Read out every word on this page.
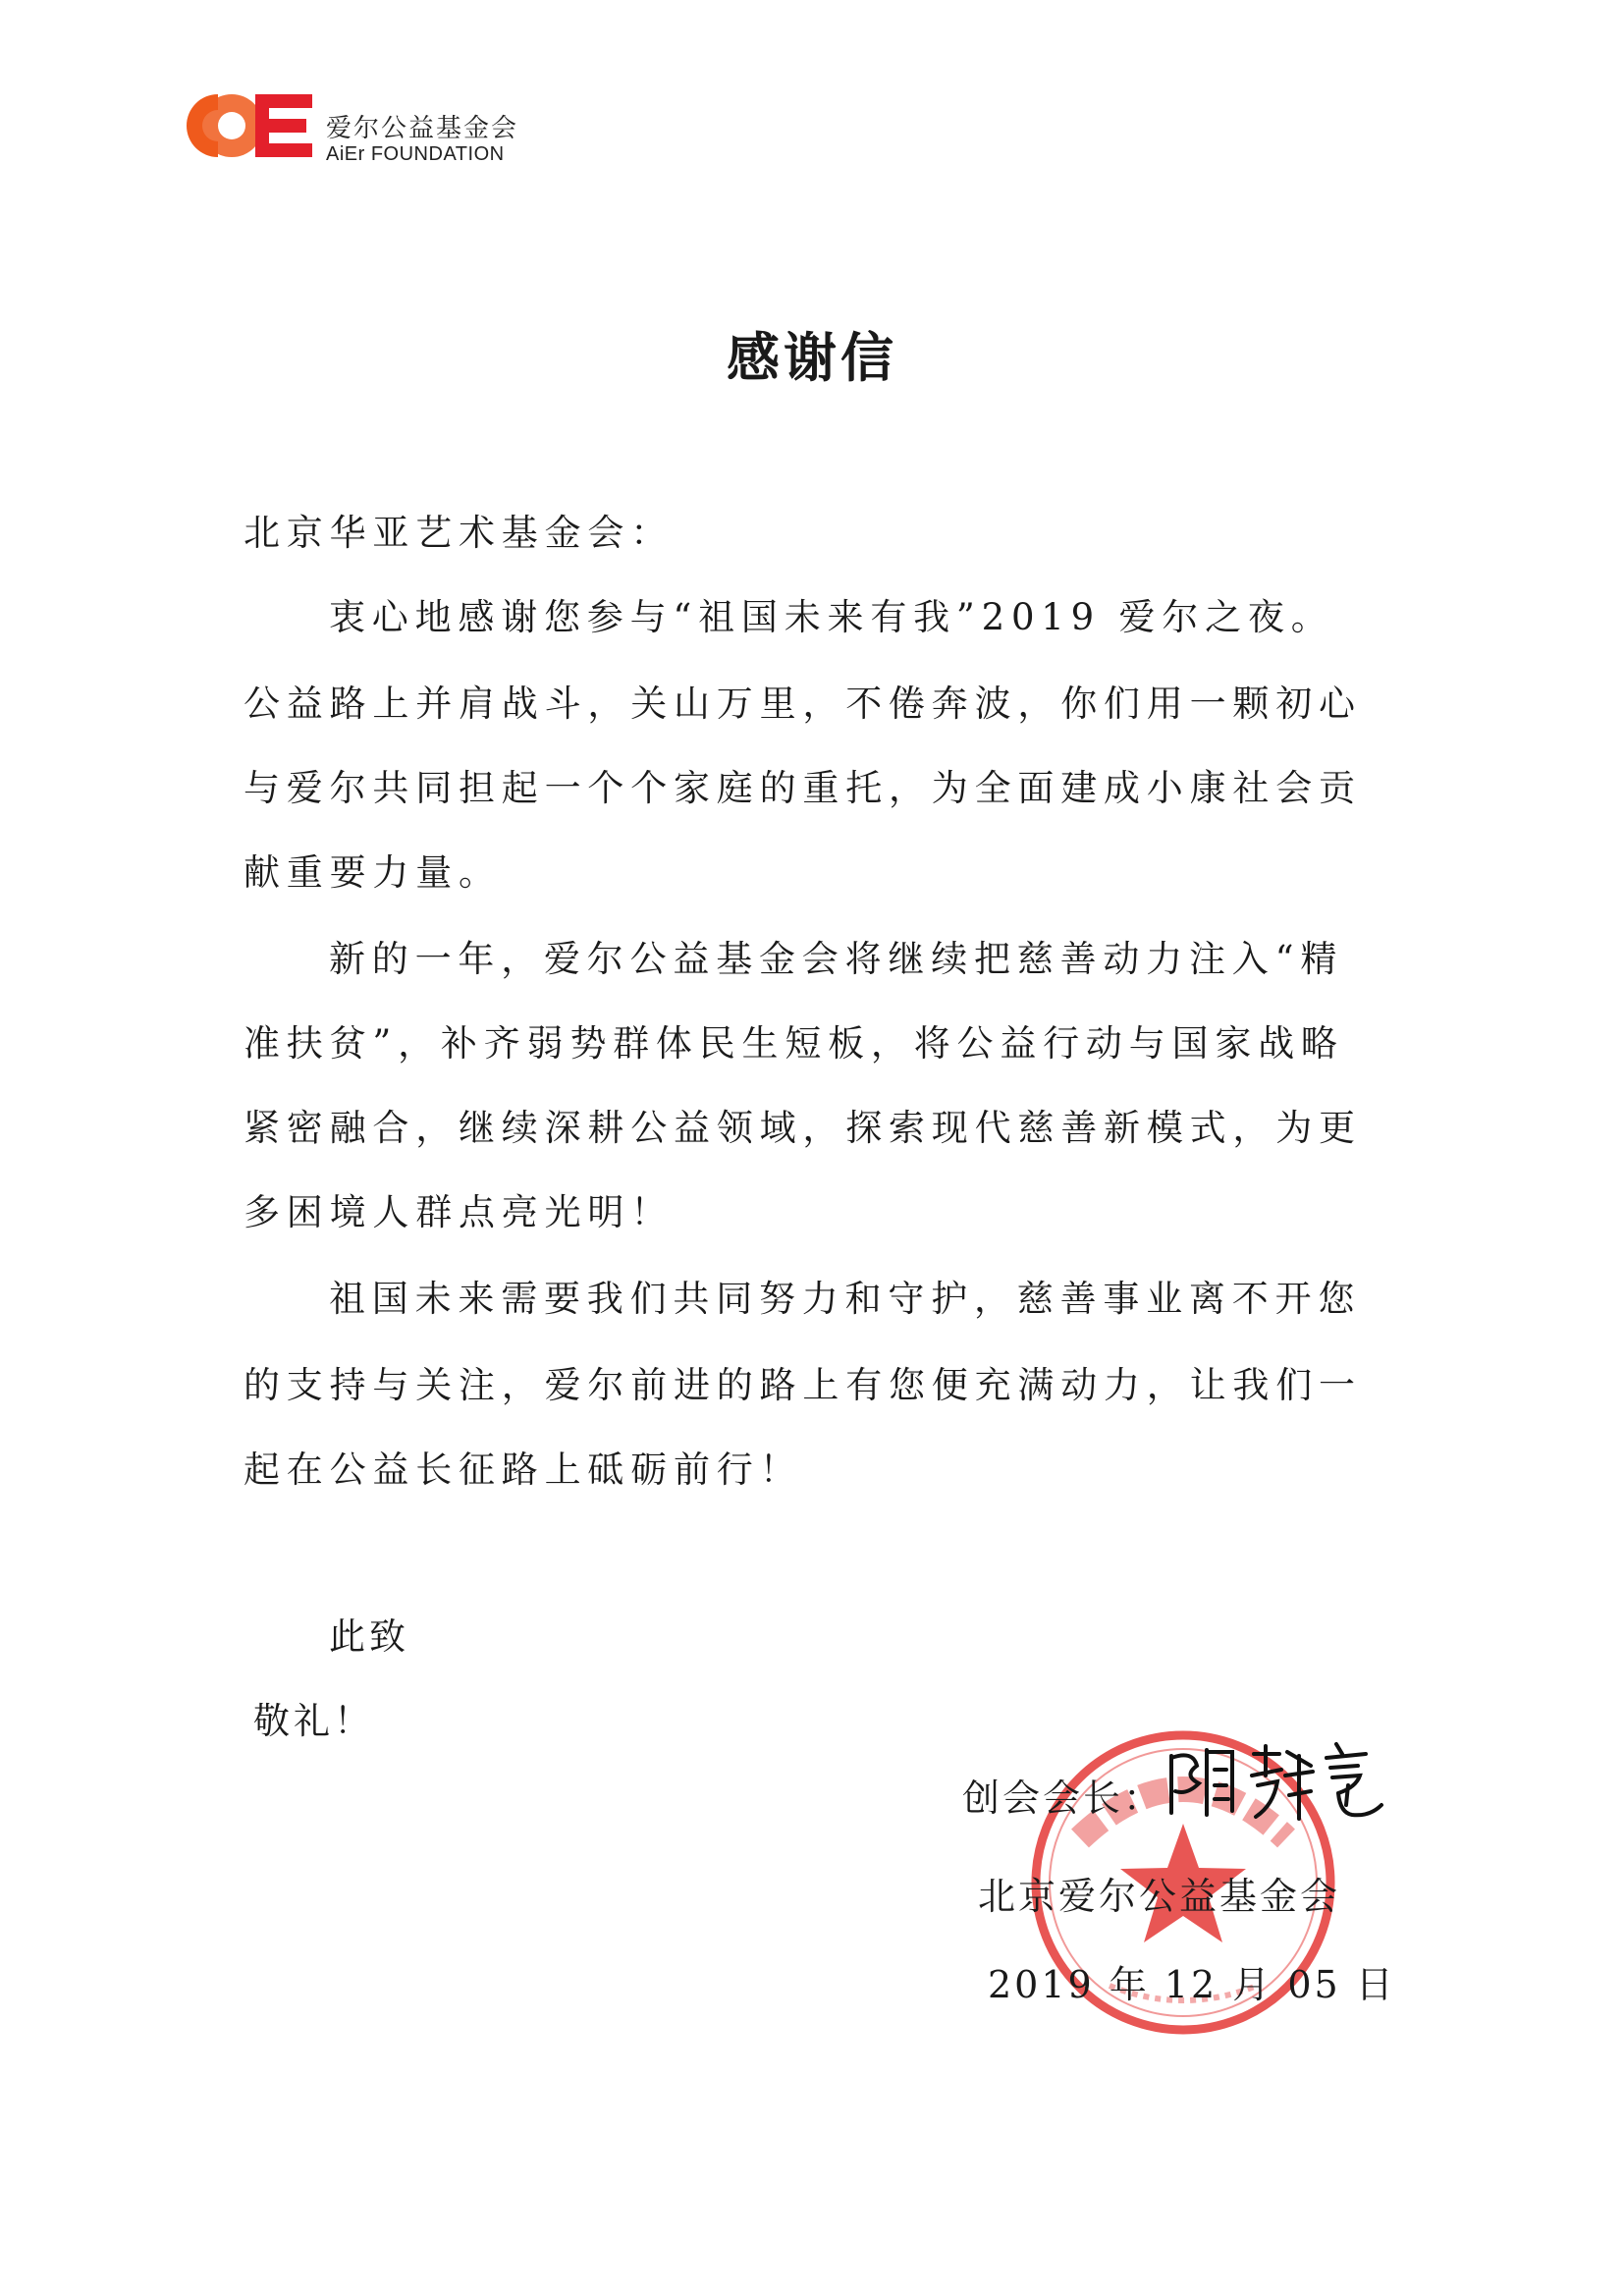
爱尔公益基金会
AiEr FOUNDATION
感谢信
北京华亚艺术基金会：
衷心地感谢您参与“祖国未来有我”2019 爱尔之夜。
公益路上并肩战斗，关山万里，不倦奔波，你们用一颗初心
与爱尔共同担起一个个家庭的重托，为全面建成小康社会贡
献重要力量。
新的一年，爱尔公益基金会将继续把慈善动力注入“精
准扶贫”，补齐弱势群体民生短板，将公益行动与国家战略
紧密融合，继续深耕公益领域，探索现代慈善新模式，为更
多困境人群点亮光明！
祖国未来需要我们共同努力和守护，慈善事业离不开您
的支持与关注，爱尔前进的路上有您便充满动力，让我们一
起在公益长征路上砥砺前行！
此致
敬礼！
创会会长：
北京爱尔公益基金会
2019 年 12 月 05 日
